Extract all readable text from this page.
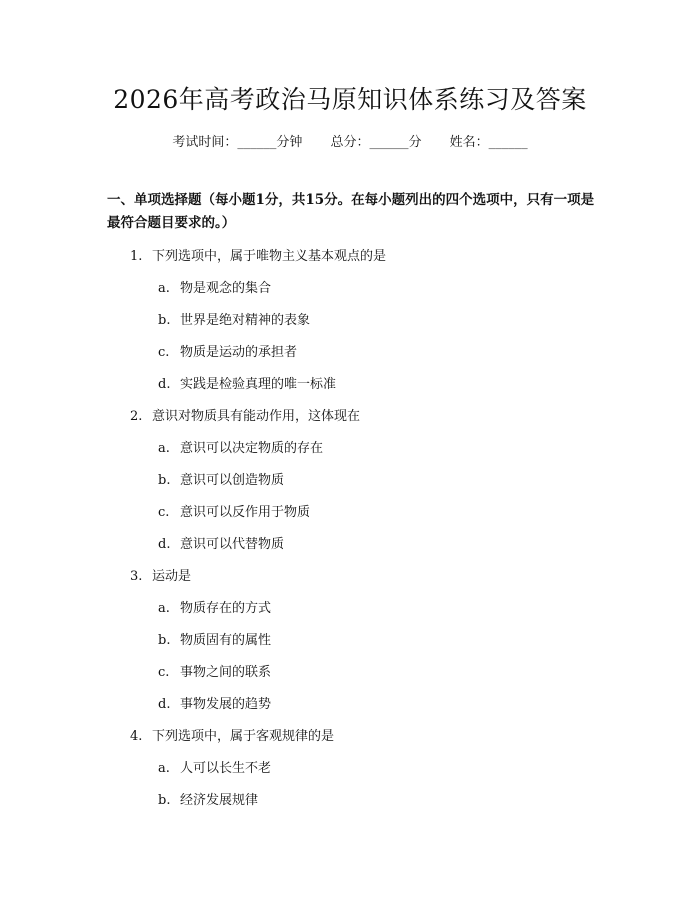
2026年高考政治马原知识体系练习及答案
考试时间：______分钟 总分：______分 姓名：______
一、单项选择题（每小题1分，共15分。在每小题列出的四个选项中，只有一项是最符合题目要求的。）
1. 下列选项中，属于唯物主义基本观点的是
a. 物是观念的集合
b. 世界是绝对精神的表象
c. 物质是运动的承担者
d. 实践是检验真理的唯一标准
2. 意识对物质具有能动作用，这体现在
a. 意识可以决定物质的存在
b. 意识可以创造物质
c. 意识可以反作用于物质
d. 意识可以代替物质
3. 运动是
a. 物质存在的方式
b. 物质固有的属性
c. 事物之间的联系
d. 事物发展的趋势
4. 下列选项中，属于客观规律的是
a. 人可以长生不老
b. 经济发展规律
